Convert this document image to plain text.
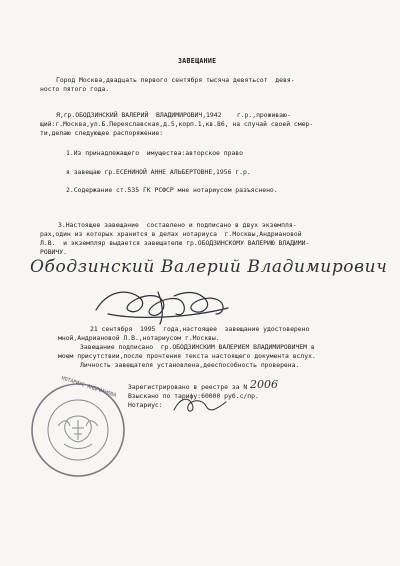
ЗАВЕЩАНИЕ
Город Москва,двадцать первого сентября тысяча девятьсот  девя-
ностo пятого года.
Я,гр.ОБОДЗИНСКИЙ ВАЛЕРИЙ  ВЛАДИМИРОВИЧ,1942    г.р.,проживаю-
щий:г.Москва,ул.Б.Переяславская,д.5,корп.1,кв.86, на случай своей смер-
ти,делаю следующее распоряжение:
1.Из принадлежащего  имущества:авторское право
я завещаю гр.ЕСЕНИНОЙ АННЕ АЛЬБЕРТОВНЕ,1956 г.р.
2.Содержание ст.535 ГК РСФСР мне нотариусом разъяснено.
3.Настоящее завещание  составлено и подписано в двух экземпля-
рах,один из которых хранится в делах нотариуса  г.Москвы,Андриановой
Л.В.  и экземпляр выдается завещателю гр.ОБОДЗИНСКОМУ ВАЛЕРИЮ ВЛАДИМИ-
РОВИЧУ.
Ободзинский Валерий Владимирович
21 сентября  1995  года,настоящее  завещание удостоверено
мной,Андриановой Л.В.,нотариусом г.Москвы.
Завещание подписано  гр.ОБОДЗИНСКИМ ВАЛЕРИЕМ ВЛАДИМИРОВИЧЕМ в
моем присутствии,после прочтения текста настоящего документа вслух.
Личность завещателя установлена,дееспособность проверена.
Зарегистрировано в реестре за N 2006
Взыскано по тарифу:60000 руб.с/пр.
Нотариус:
НОТАРИУС АНДРИАНОВА
